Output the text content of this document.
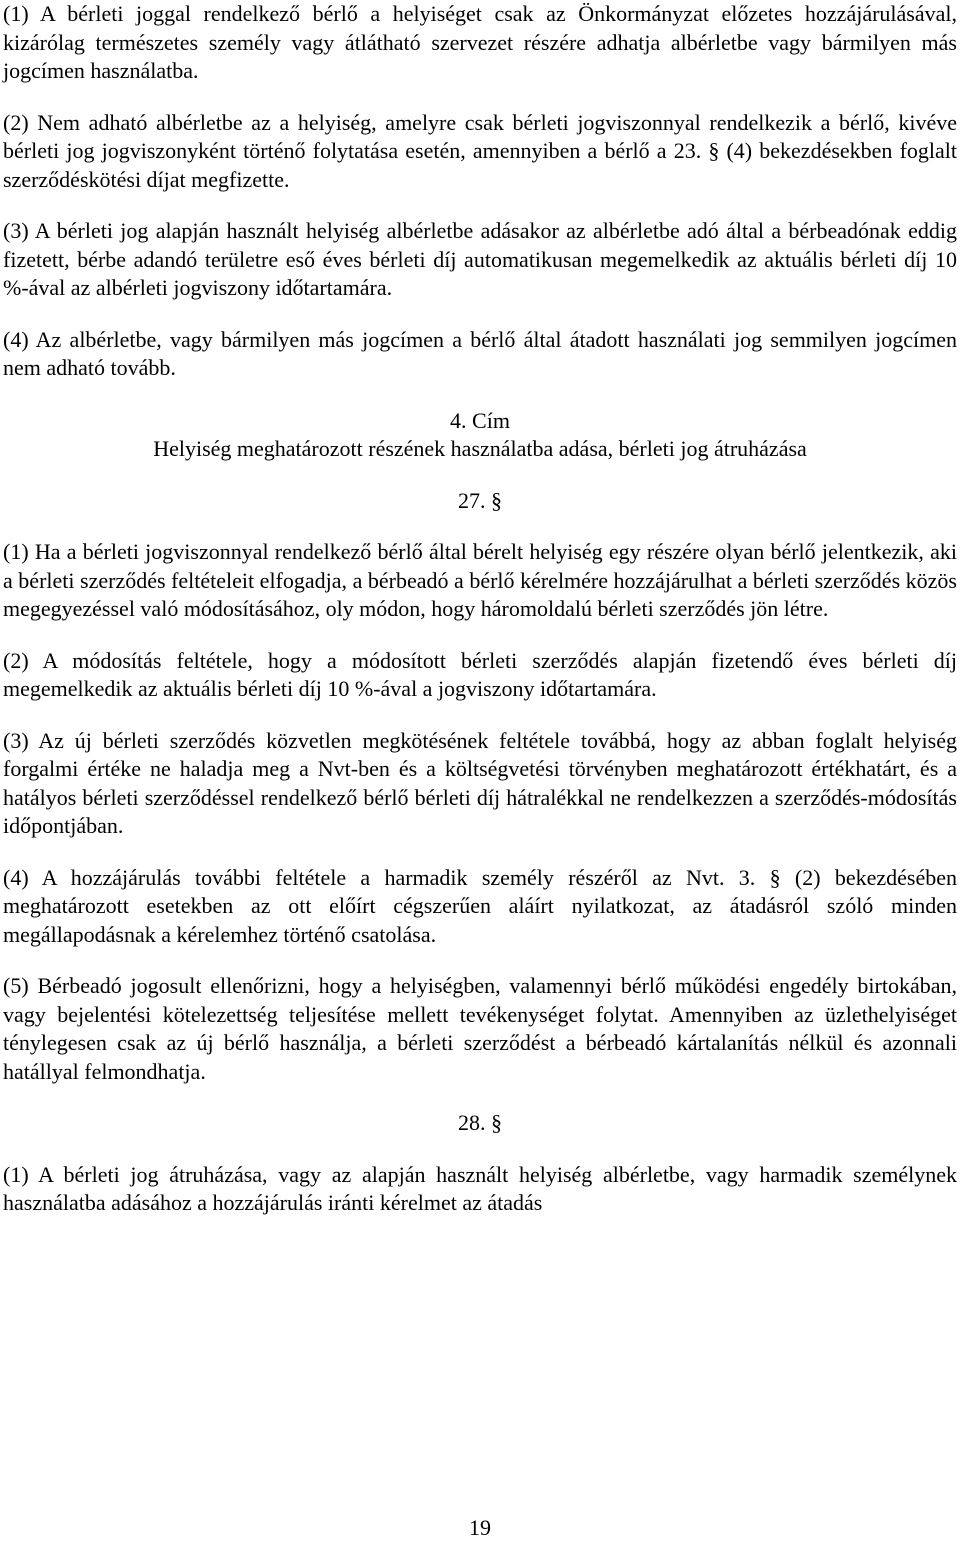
(1) A bérleti joggal rendelkező bérlő a helyiséget csak az Önkormányzat előzetes hozzájárulásával, kizárólag természetes személy vagy átlátható szervezet részére adhatja albérletbe vagy bármilyen más jogcímen használatba.

(2) Nem adható albérletbe az a helyiség, amelyre csak bérleti jogviszonnyal rendelkezik a bérlő, kivéve bérleti jog jogviszonyként történő folytatása esetén, amennyiben a bérlő a 23. § (4) bekezdésekben foglalt szerződéskötési díjat megfizette.

(3) A bérleti jog alapján használt helyiség albérletbe adásakor az albérletbe adó által a bérbeadónak eddig fizetett, bérbe adandó területre eső éves bérleti díj automatikusan megemelkedik az aktuális bérleti díj 10 %-ával az albérleti jogviszony időtartamára.

(4) Az albérletbe, vagy bármilyen más jogcímen a bérlő által átadott használati jog semmilyen jogcímen nem adható tovább.

4. Cím

Helyiség meghatározott részének használatba adása, bérleti jog átruházása

27. §

(1) Ha a bérleti jogviszonnyal rendelkező bérlő által bérelt helyiség egy részére olyan bérlő jelentkezik, aki a bérleti szerződés feltételeit elfogadja, a bérbeadó a bérlő kérelmére hozzájárulhat a bérleti szerződés közös megegyezéssel való módosításához, oly módon, hogy háromoldalú bérleti szerződés jön létre.

(2) A módosítás feltétele, hogy a módosított bérleti szerződés alapján fizetendő éves bérleti díj megemelkedik az aktuális bérleti díj 10 %-ával a jogviszony időtartamára.

(3) Az új bérleti szerződés közvetlen megkötésének feltétele továbbá, hogy az abban foglalt helyiség forgalmi értéke ne haladja meg a Nvt-ben és a költségvetési törvényben meghatározott értékhatárt, és a hatályos bérleti szerződéssel rendelkező bérlő bérleti díj hátralékkal ne rendelkezzen a szerződés-módosítás időpontjában.

(4) A hozzájárulás további feltétele a harmadik személy részéről az Nvt. 3. § (2) bekezdésében meghatározott esetekben az ott előírt cégszerűen aláírt nyilatkozat, az átadásról szóló minden megállapodásnak a kérelemhez történő csatolása.

(5) Bérbeadó jogosult ellenőrizni, hogy a helyiségben, valamennyi bérlő működési engedély birtokában, vagy bejelentési kötelezettség teljesítése mellett tevékenységet folytat. Amennyiben az üzlethelyiséget ténylegesen csak az új bérlő használja, a bérleti szerződést a bérbeadó kártalanítás nélkül és azonnali hatállyal felmondhatja.

28. §

(1) A bérleti jog átruházása, vagy az alapján használt helyiség albérletbe, vagy harmadik személynek használatba adásához a hozzájárulás iránti kérelmet az átadás

19
